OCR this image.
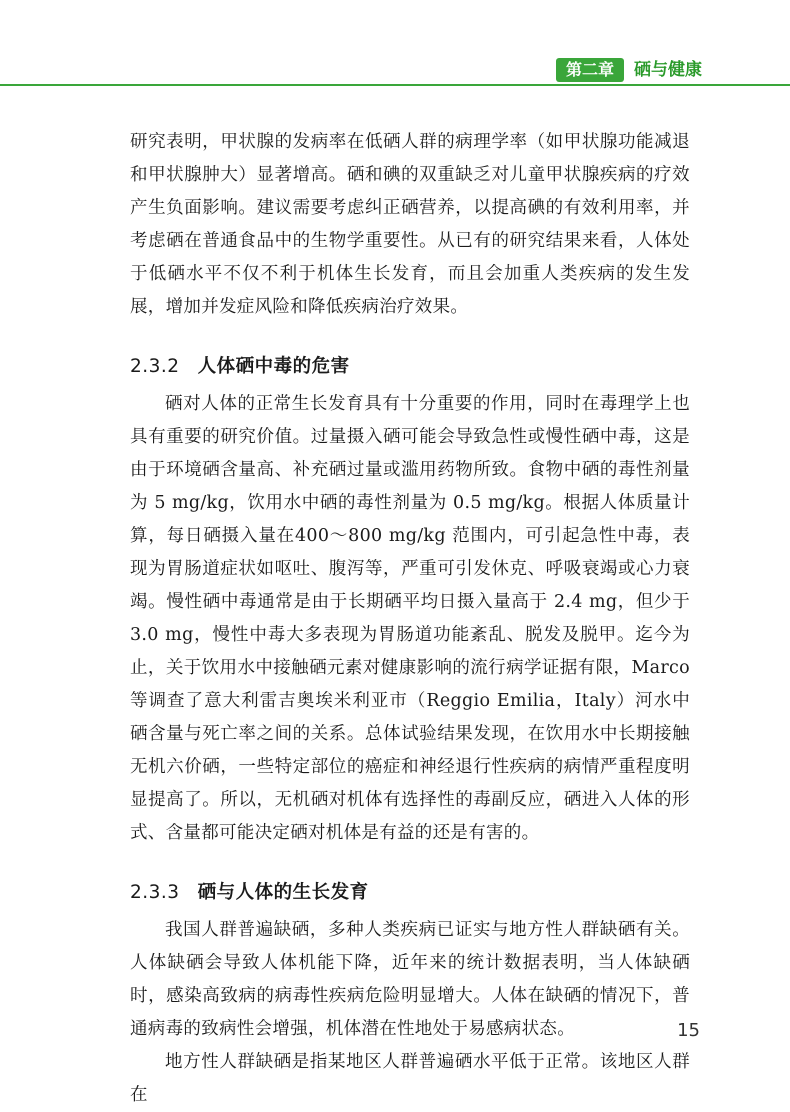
第二章	硒与健康

研究表明，甲状腺的发病率在低硒人群的病理学率（如甲状腺功能减退和甲状腺肿大）显著增高。硒和碘的双重缺乏对儿童甲状腺疾病的疗效产生负面影响。建议需要考虑纠正硒营养，以提高碘的有效利用率，并考虑硒在普通食品中的生物学重要性。从已有的研究结果来看，人体处于低硒水平不仅不利于机体生长发育，而且会加重人类疾病的发生发展，增加并发症风险和降低疾病治疗效果。

2.3.2 人体硒中毒的危害

硒对人体的正常生长发育具有十分重要的作用，同时在毒理学上也具有重要的研究价值。过量摄入硒可能会导致急性或慢性硒中毒，这是由于环境硒含量高、补充硒过量或滥用药物所致。食物中硒的毒性剂量为 5 mg/kg，饮用水中硒的毒性剂量为 0.5 mg/kg。根据人体质量计算，每日硒摄入量在400～800 mg/kg 范围内，可引起急性中毒，表现为胃肠道症状如呕吐、腹泻等，严重可引发休克、呼吸衰竭或心力衰竭。慢性硒中毒通常是由于长期硒平均日摄入量高于 2.4 mg，但少于 3.0 mg，慢性中毒大多表现为胃肠道功能紊乱、脱发及脱甲。迄今为止，关于饮用水中接触硒元素对健康影响的流行病学证据有限，Marco 等调查了意大利雷吉奥埃米利亚市（Reggio Emilia，Italy）河水中硒含量与死亡率之间的关系。总体试验结果发现，在饮用水中长期接触无机六价硒，一些特定部位的癌症和神经退行性疾病的病情严重程度明显提高了。所以，无机硒对机体有选择性的毒副反应，硒进入人体的形式、含量都可能决定硒对机体是有益的还是有害的。

2.3.3 硒与人体的生长发育

我国人群普遍缺硒，多种人类疾病已证实与地方性人群缺硒有关。人体缺硒会导致人体机能下降，近年来的统计数据表明，当人体缺硒时，感染高致病的病毒性疾病危险明显增大。人体在缺硒的情况下，普通病毒的致病性会增强，机体潜在性地处于易感病状态。

地方性人群缺硒是指某地区人群普遍硒水平低于正常。该地区人群在

15
